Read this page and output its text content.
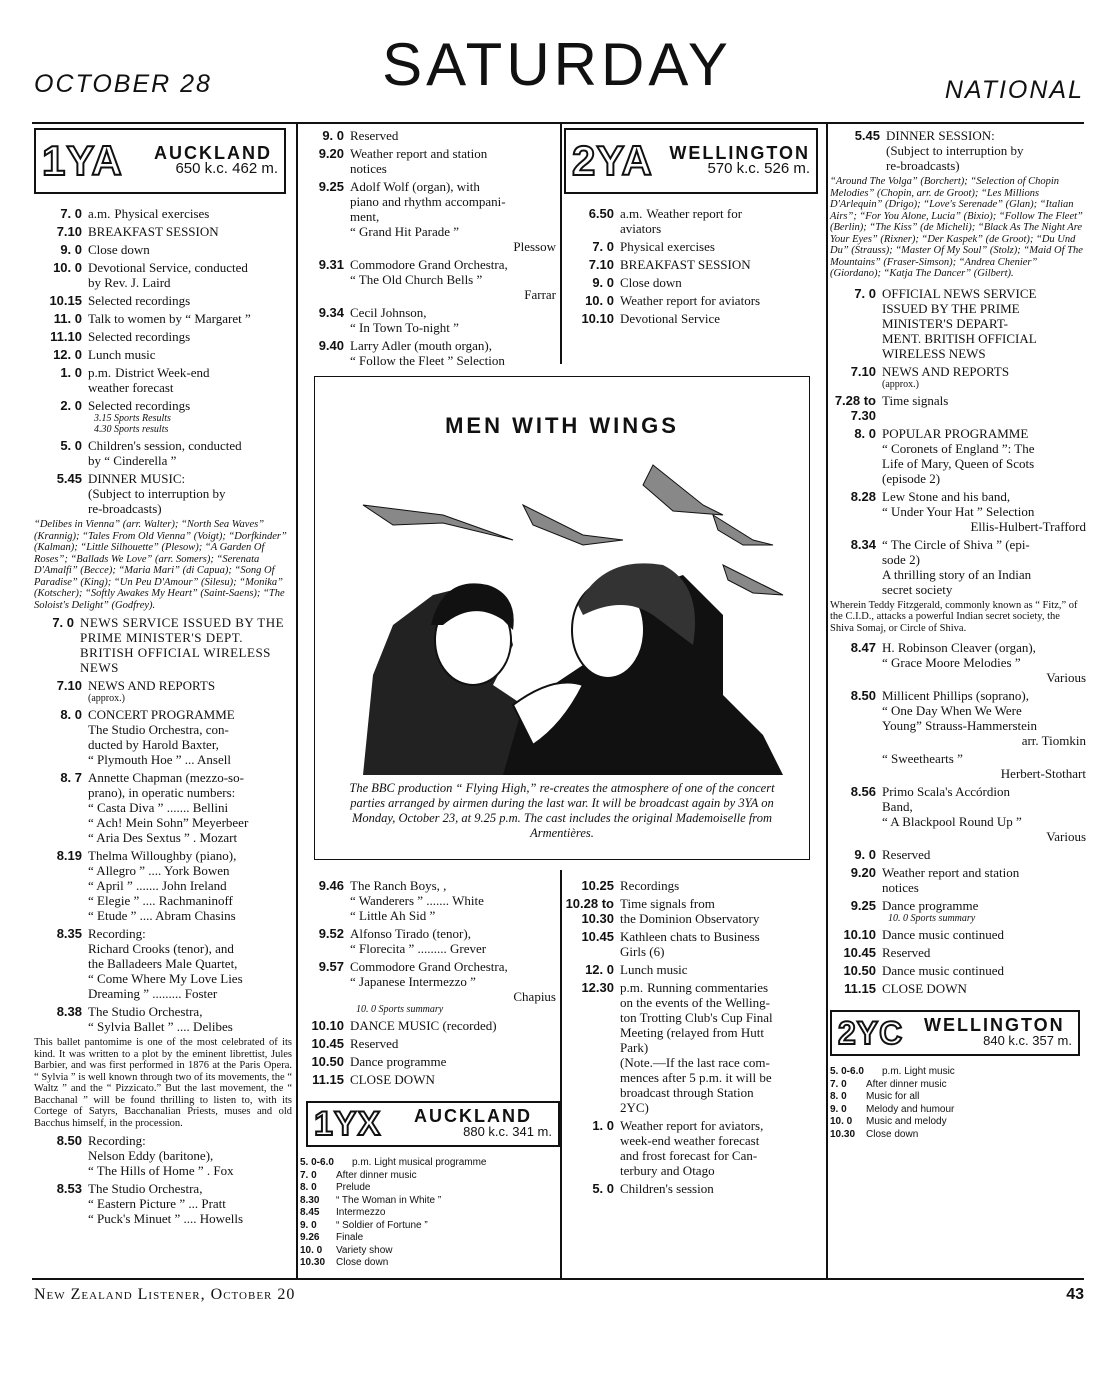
OCTOBER 28	SATURDAY	NATIONAL
1YA	AUCKLAND
650 k.c. 462 m.
7. 0 a.m. Physical exercises

7.10 BREAKFAST SESSION
9. 0 Close down
10. 0 Devotional Service, conducted
by Rev. J. Laird
10.15 Selected recordings
11. 0 Talk to women by “ Margaret ”
11.10 Selected recordings
12. 0 Lunch music
1. 0 p.m. District Week-end

weather forecast
2. 0 Selected recordings
3.15 Sports Results
4.30 Sports results
5. 0 Children's session, conducted
by “ Cinderella ”
5.45 DINNER MUSIC:
(Subject to interruption by
re-broadcasts)
“Delibes in Vienna” (arr. Walter); “North Sea Waves” (Krannig); “Tales From Old Vienna” (Voigt); “Dorfkinder” (Kalman); “Little Silhouette” (Plesow); “A Garden Of Roses”; “Ballads We Love” (arr. Somers); “Serenata D'Amalfi” (Becce); “Maria Mari” (di Capua); “Song Of Paradise” (King); “Un Peu D'Amour” (Silesu); “Monika” (Kotscher); “Softly Awakes My Heart” (Saint-Saens); “The Soloist's Delight” (Godfrey).
7. 0 NEWS SERVICE ISSUED BY THE PRIME MINISTER'S DEPT. BRITISH OFFICIAL WIRELESS NEWS
7.10 NEWS AND REPORTS
(approx.)
8. 0 CONCERT PROGRAMME
The Studio Orchestra, con-
ducted by Harold Baxter,
“ Plymouth Hoe ” ... Ansell
8. 7 Annette Chapman (mezzo-so-
prano), in operatic numbers:
“ Casta Diva ” ....... Bellini
“ Ach! Mein Sohn” Meyerbeer
“ Aria Des Sextus ” . Mozart
8.19 Thelma Willoughby (piano),
“ Allegro ” .... York Bowen
“ April ” ....... John Ireland
“ Elegie ” .... Rachmaninoff
“ Etude ” .... Abram Chasins
8.35 Recording:
Richard Crooks (tenor), and
the Balladeers Male Quartet,
“ Come Where My Love Lies
Dreaming ” ......... Foster
8.38 The Studio Orchestra,
“ Sylvia Ballet ” .... Delibes
This ballet pantomime is one of the most celebrated of its kind. It was written to a plot by the eminent librettist, Jules Barbier, and was first performed in 1876 at the Paris Opera. “ Sylvia ” is well known through two of its movements, the “ Waltz ” and the “ Pizzicato.” But the last movement, the “ Bacchanal ” will be found thrilling to listen to, with its Cortege of Satyrs, Bacchanalian Priests, muses and old Bacchus himself, in the procession.
8.50 Recording:
Nelson Eddy (baritone),
“ The Hills of Home ” . Fox
8.53 The Studio Orchestra,
“ Eastern Picture ” ... Pratt
“ Puck's Minuet ” .... Howells
9. 0 Reserved
9.20 Weather report and station
notices
9.25 Adolf Wolf (organ), with
piano and rhythm accompani-
ment,
“ Grand Hit Parade ”
Plessow
9.31 Commodore Grand Orchestra,
“ The Old Church Bells ”
Farrar
9.34 Cecil Johnson,
“ In Town To-night ”
9.40 Larry Adler (mouth organ),
“ Follow the Fleet ” Selection
2YA WELLINGTON
570 k.c. 526 m.
6.50 a.m. Weather report for

aviators
7. 0 Physical exercises
7.10 BREAKFAST SESSION
9. 0 Close down
10. 0 Weather report for aviators
10.10 Devotional Service
MEN WITH WINGS
The BBC production “ Flying High,” re-creates the atmosphere of one of the concert parties arranged by airmen during the last war. It will be broadcast again by 3YA on Monday, October 23, at 9.25 p.m. The cast includes the original Mademoiselle from Armentières.
9.46 The Ranch Boys, ,
“ Wanderers ” ....... White
“ Little Ah Sid ”
9.52 Alfonso Tirado (tenor),
“ Florecita ” ......... Grever
9.57 Commodore Grand Orchestra,
“ Japanese Intermezzo ”
Chapius
10. 0 Sports summary
10.10 DANCE MUSIC (recorded)
10.45 Reserved
10.50 Dance programme
11.15 CLOSE DOWN
1YX	AUCKLAND
880 k.c. 341 m.
5. 0-6.0	p.m. Light musical programme
7. 0	After dinner music
8. 0	Prelude
8.30	“ The Woman in White ”
8.45	Intermezzo
9. 0	“ Soldier of Fortune ”
9.26	Finale
10. 0	Variety show
10.30	Close down
10.25 Recordings
10.28 to 10.30
Time signals from
the Dominion Observatory
10.45 Kathleen chats to Business
Girls (6)
12. 0 Lunch music
12.30 p.m. Running commentaries

on the events of the Welling-
ton Trotting Club's Cup Final
Meeting (relayed from Hutt
Park)
(Note.—If the last race com-
mences after 5 p.m. it will be
broadcast through Station
2YC)
1. 0 Weather report for aviators,
week-end weather forecast
and frost forecast for Can-
terbury and Otago
5. 0 Children's session
5.45 DINNER SESSION:
(Subject to interruption by
re-broadcasts)
“Around The Volga” (Borchert); “Selection of Chopin Melodies” (Chopin, arr. de Groot); “Les Millions D'Arlequin” (Drigo); “Love's Serenade” (Glan); “Italian Airs”; “For You Alone, Lucia” (Bixio); “Follow The Fleet” (Berlin); “The Kiss” (de Micheli); “Black As The Night Are Your Eyes” (Rixner); “Der Kaspek” (de Groot); “Du Und Du” (Strauss); “Master Of My Soul” (Stolz); “Maid Of The Mountains” (Fraser-Simson); “Andrea Chenier” (Giordano); “Katja The Dancer” (Gilbert).
7. 0 OFFICIAL NEWS SERVICE
ISSUED BY THE PRIME
MINISTER'S DEPART-
MENT. BRITISH OFFICIAL
WIRELESS NEWS
7.10 NEWS AND REPORTS
(approx.)
7.28 to 7.30
Time signals
8. 0 POPULAR PROGRAMME
“ Coronets of England ”: The
Life of Mary, Queen of Scots
(episode 2)
8.28 Lew Stone and his band,
“ Under Your Hat ” Selection
Ellis-Hulbert-Trafford
8.34 “ The Circle of Shiva ” (epi-
sode 2)
A thrilling story of an Indian
secret society
Wherein Teddy Fitzgerald, commonly known as “ Fitz,” of the C.I.D., attacks a powerful Indian secret society, the Shiva Somaj, or Circle of Shiva.
8.47 H. Robinson Cleaver (organ),
“ Grace Moore Melodies ”
Various
8.50 Millicent Phillips (soprano),
“ One Day When We Were
Young” Strauss-Hammerstein
arr. Tiomkin
“ Sweethearts ”
Herbert-Stothart
8.56 Primo Scala's Accórdion
Band,
“ A Blackpool Round Up ”
Various
9. 0 Reserved
9.20 Weather report and station
notices
9.25 Dance programme
10. 0 Sports summary
10.10 Dance music continued
10.45 Reserved
10.50 Dance music continued
11.15 CLOSE DOWN
2YC	WELLINGTON
840 k.c. 357 m.
5. 0-6.0	p.m. Light music
7. 0	After dinner music
8. 0	Music for all
9. 0	Melody and humour
10. 0	Music and melody
10.30	Close down
New Zealand Listener, October 20	43
